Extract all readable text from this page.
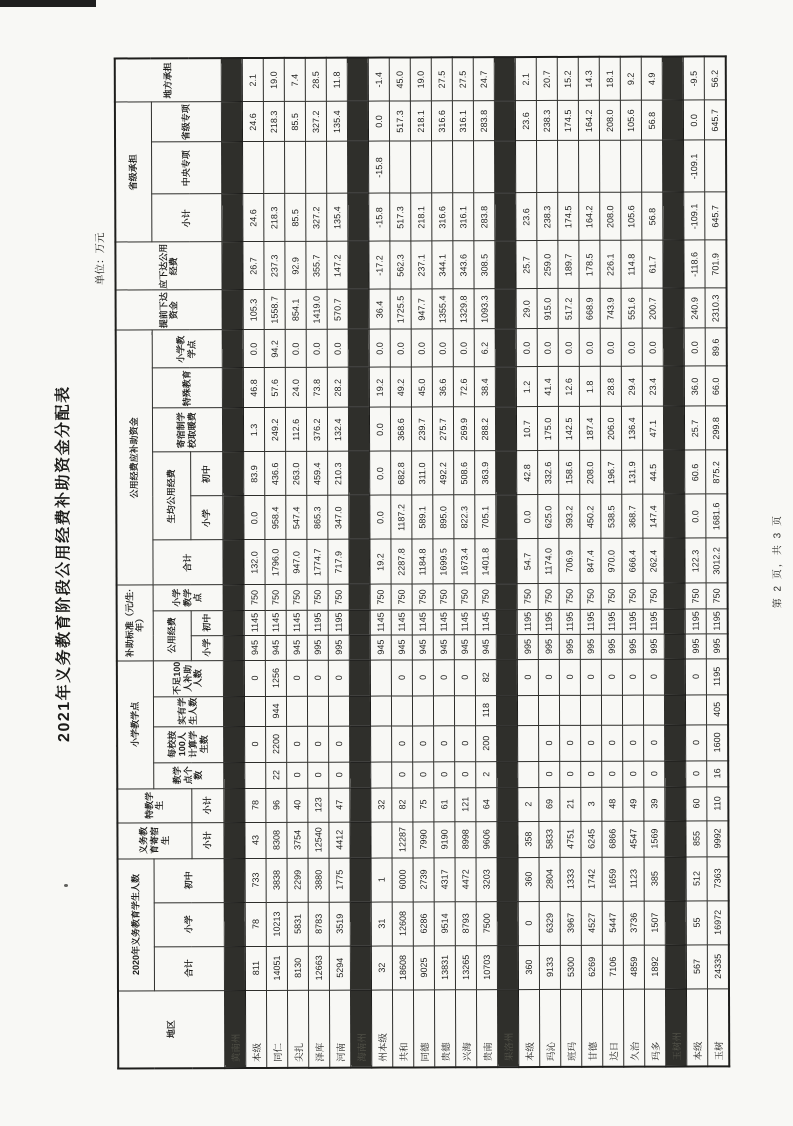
2021年义务教育阶段公用经费补助资金分配表
单位：万元
地区	2020年义务教育学生人数			义务教育寄宿生	特教学生	小学教学点				补助标准（元/生·年）			公用经费应补助资金						提前下达资金	应下达公用经费	省级承担			地方承担
	合计	小学	初中			教学点个数	每校按100人计算学生数	实有学生人数	不足100人补助人数	公用经费		小学教学点	合计	生均公用经费		寄宿制学校取暖费	特殊教育	小学教学点			小计	中央专项	省级专项	
				小计	小计					小学	初中			小学	初中									
黄南州																								
本级	811	78	733	43	78		0		0	945	1145	750	132.0	0.0	83.9	1.3	46.8	0.0	105.3	26.7	24.6		24.6	2.1
同仁	14051	10213	3838	8308	96	22	2200	944	1256	945	1145	750	1796.0	958.4	436.6	249.2	57.6	94.2	1558.7	237.3	218.3		218.3	19.0
尖扎	8130	5831	2299	3754	40	0	0		0	945	1145	750	947.0	547.4	263.0	112.6	24.0	0.0	854.1	92.9	85.5		85.5	7.4
泽库	12663	8783	3880	12540	123	0	0		0	995	1195	750	1774.7	865.3	459.4	376.2	73.8	0.0	1419.0	355.7	327.2		327.2	28.5
河南	5294	3519	1775	4412	47	0	0		0	995	1195	750	717.9	347.0	210.3	132.4	28.2	0.0	570.7	147.2	135.4		135.4	11.8
海南州																								
州本级	32	31	1		32					945	1145	750	19.2	0.0	0.0	0.0	19.2	0.0	36.4	-17.2	-15.8	-15.8	0.0	-1.4
共和	18608	12608	6000	12287	82	0	0		0	945	1145	750	2287.8	1187.2	682.8	368.6	49.2	0.0	1725.5	562.3	517.3		517.3	45.0
同德	9025	6286	2739	7990	75	0	0		0	945	1145	750	1184.8	589.1	311.0	239.7	45.0	0.0	947.7	237.1	218.1		218.1	19.0
贵德	13831	9514	4317	9190	61	0	0		0	945	1145	750	1699.5	895.0	492.2	275.7	36.6	0.0	1355.4	344.1	316.6		316.6	27.5
兴海	13265	8793	4472	8998	121	0	0		0	945	1145	750	1673.4	822.3	508.6	269.9	72.6	0.0	1329.8	343.6	316.1		316.1	27.5
贵南	10703	7500	3203	9606	64	2	200	118	82	945	1145	750	1401.8	705.1	363.9	288.2	38.4	6.2	1093.3	308.5	283.8		283.8	24.7
果洛州																								
本级	360	0	360	358	2				0	995	1195	750	54.7	0.0	42.8	10.7	1.2	0.0	29.0	25.7	23.6		23.6	2.1
玛沁	9133	6329	2804	5833	69	0	0		0	995	1195	750	1174.0	625.0	332.6	175.0	41.4	0.0	915.0	259.0	238.3		238.3	20.7
班玛	5300	3967	1333	4751	21	0	0		0	995	1195	750	706.9	393.2	158.6	142.5	12.6	0.0	517.2	189.7	174.5		174.5	15.2
甘德	6269	4527	1742	6245	3	0	0		0	995	1195	750	847.4	450.2	208.0	187.4	1.8	0.0	668.9	178.5	164.2		164.2	14.3
达日	7106	5447	1659	6866	48	0	0		0	995	1195	750	970.0	538.5	196.7	206.0	28.8	0.0	743.9	226.1	208.0		208.0	18.1
久治	4859	3736	1123	4547	49	0	0		0	995	1195	750	666.4	368.7	131.9	136.4	29.4	0.0	551.6	114.8	105.6		105.6	9.2
玛多	1892	1507	385	1569	39	0	0		0	995	1195	750	262.4	147.4	44.5	47.1	23.4	0.0	200.7	61.7	56.8		56.8	4.9
玉树州																								
本级	567	55	512	855	60	0	0		0	995	1195	750	122.3	0.0	60.6	25.7	36.0	0.0	240.9	-118.6	-109.1	-109.1	0.0	-9.5
玉树	24335	16972	7363	9992	110	16	1600	405	1195	995	1195	750	3012.2	1681.6	875.2	299.8	66.0	89.6	2310.3	701.9	645.7		645.7	56.2
第 2 页，共 3 页
